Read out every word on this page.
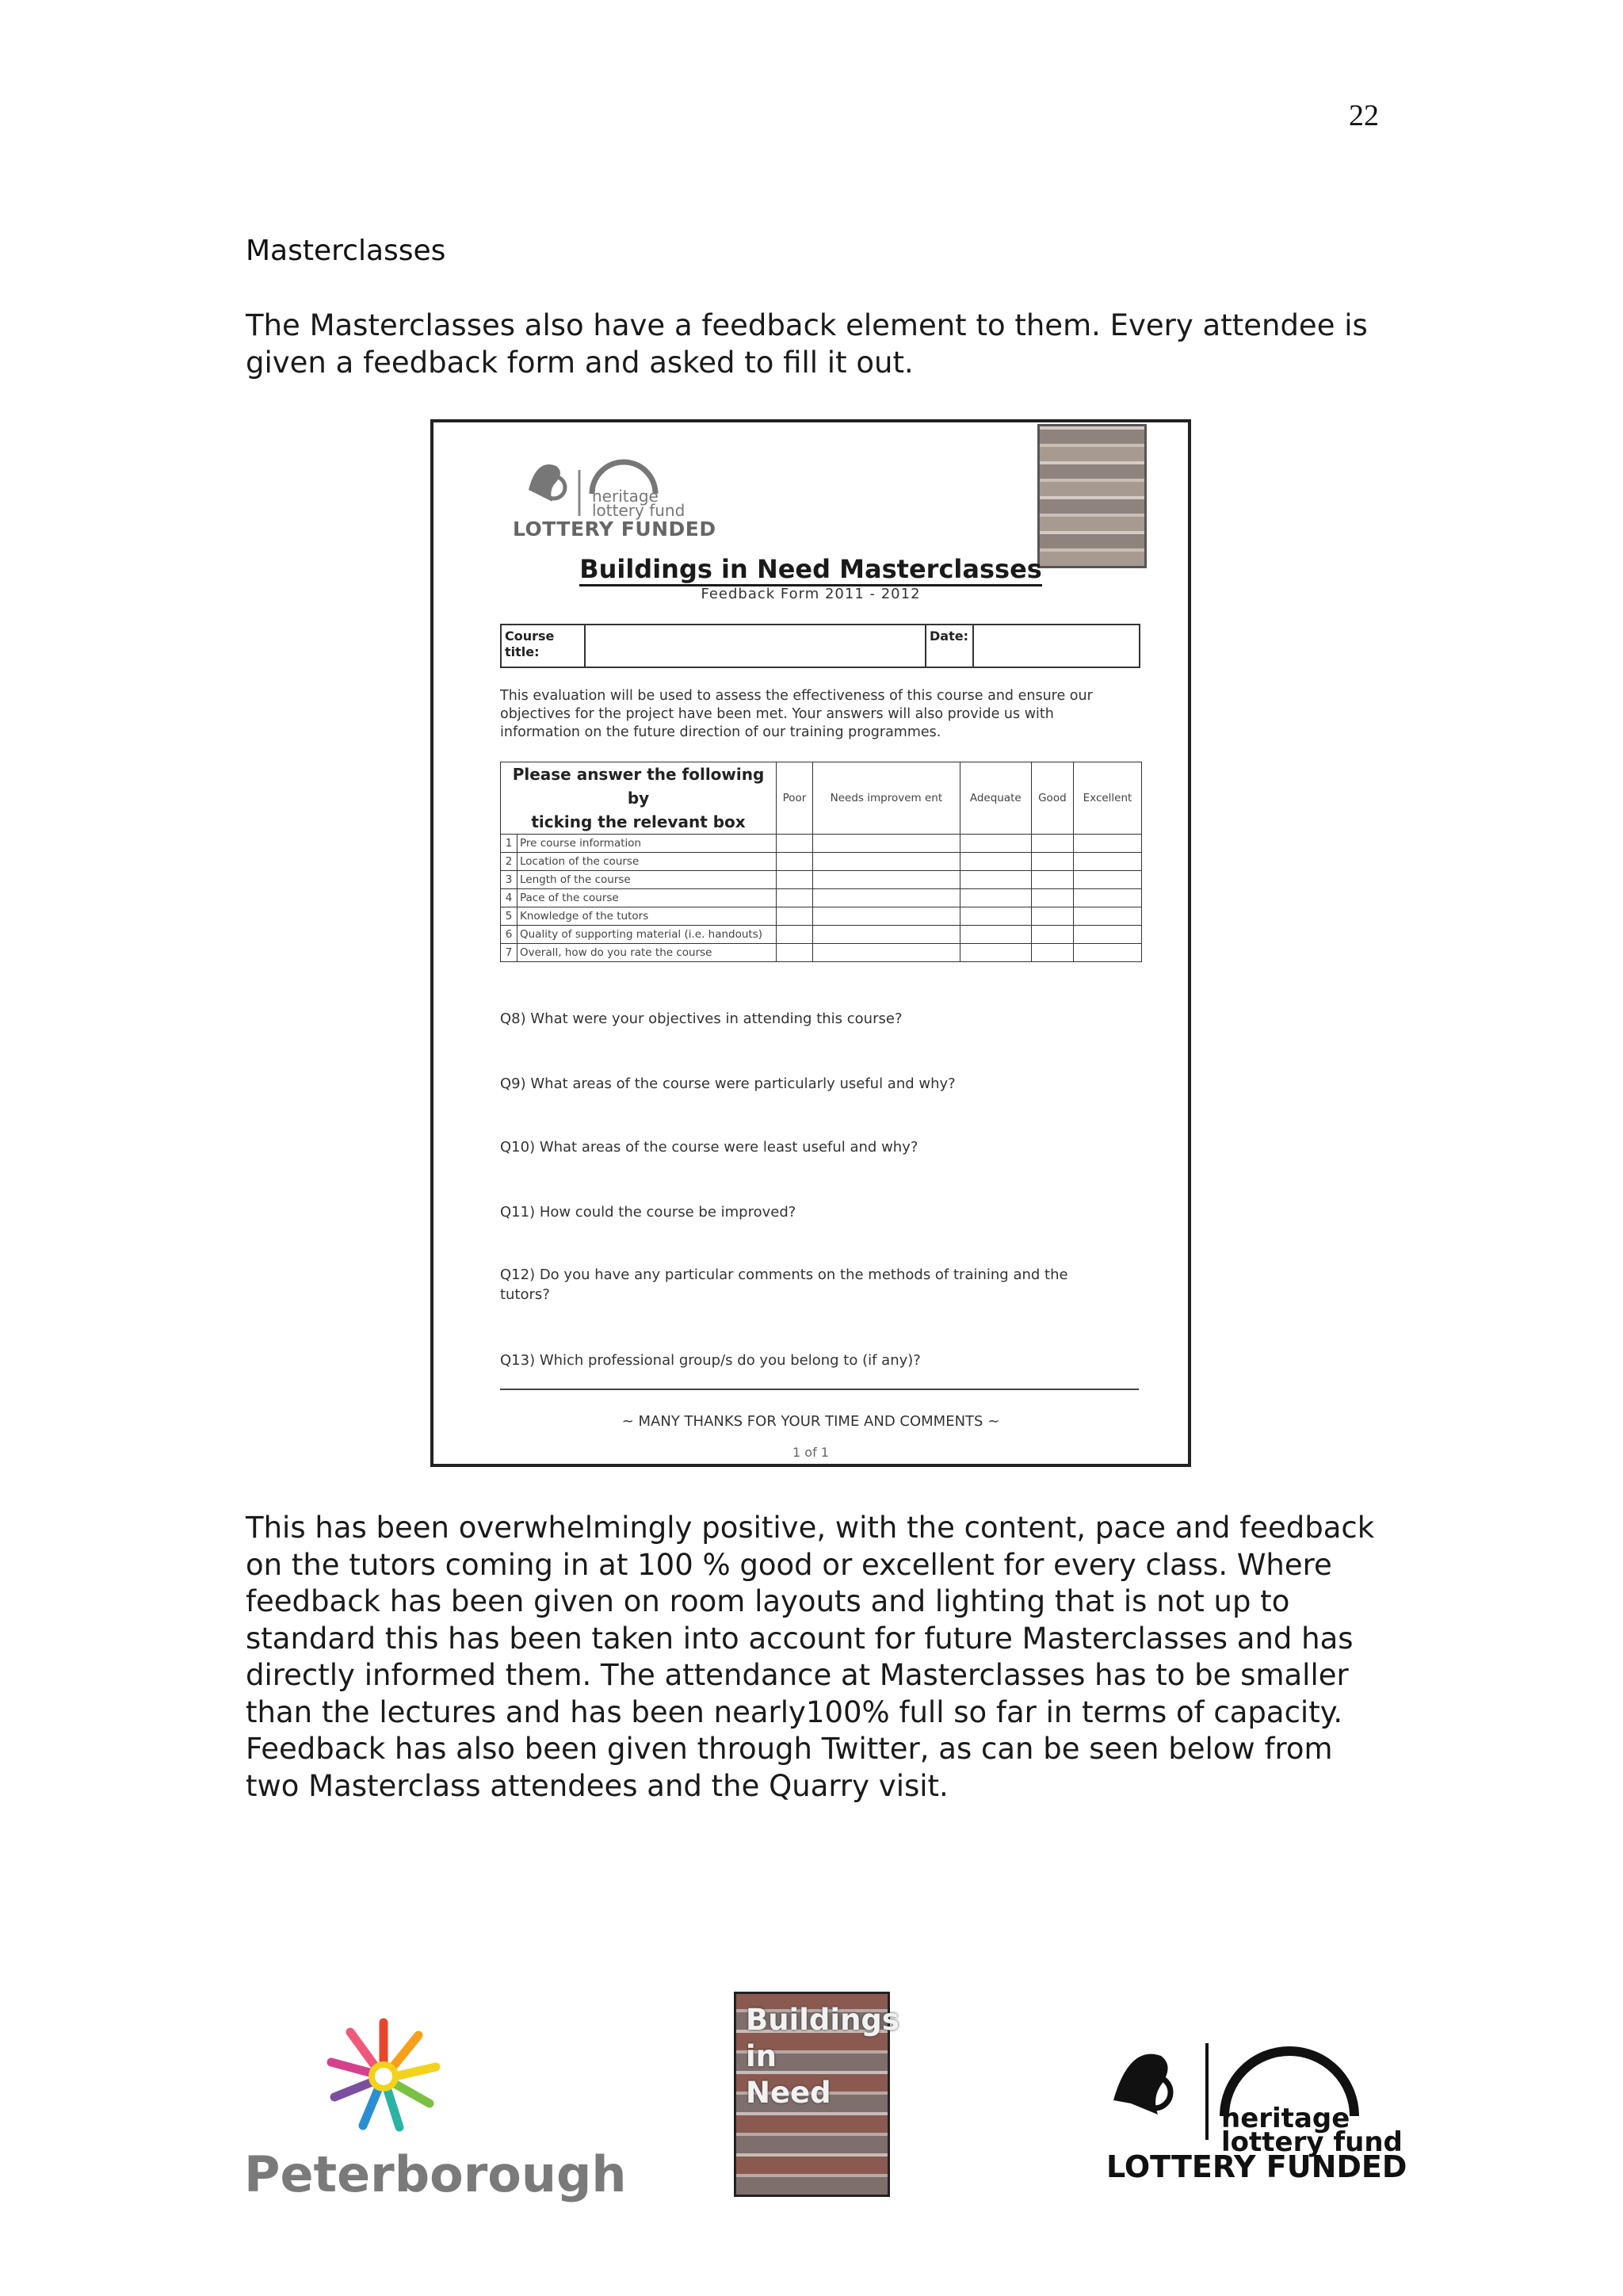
22
Masterclasses
The Masterclasses also have a feedback element to them. Every attendee is
given a feedback form and asked to fill it out.
heritage
lottery fund
LOTTERY FUNDED
Buildings in Need Masterclasses
Feedback Form 2011 - 2012
Course title:
Date:
This evaluation will be used to assess the effectiveness of this course and ensure our objectives for the project have been met. Your answers will also provide us with information on the future direction of our training programmes.
Please answer the following
by
ticking the relevant box		Poor	Needs improvem ent	Adequate	Good	Excellent
1	Pre course information					
2	Location of the course					
3	Length of the course					
4	Pace of the course					
5	Knowledge of the tutors					
6	Quality of supporting material (i.e. handouts)					
7	Overall, how do you rate the course					
Q8) What were your objectives in attending this course?
Q9) What areas of the course were particularly useful and why?
Q10) What areas of the course were least useful and why?
Q11) How could the course be improved?
Q12) Do you have any particular comments on the methods of training and the tutors?
Q13) Which professional group/s do you belong to (if any)?
~ MANY THANKS FOR YOUR TIME AND COMMENTS ~
1 of 1
This has been overwhelmingly positive, with the content, pace and feedback
on the tutors coming in at 100 % good or excellent for every class. Where
feedback has been given on room layouts and lighting that is not up to
standard this has been taken into account for future Masterclasses and has
directly informed them. The attendance at Masterclasses has to be smaller
than the lectures and has been nearly100% full so far in terms of capacity.
Feedback has also been given through Twitter, as can be seen below from
two Masterclass attendees and the Quarry visit.
Peterborough
Buildings
in
Need
heritage
lottery fund
LOTTERY FUNDED
